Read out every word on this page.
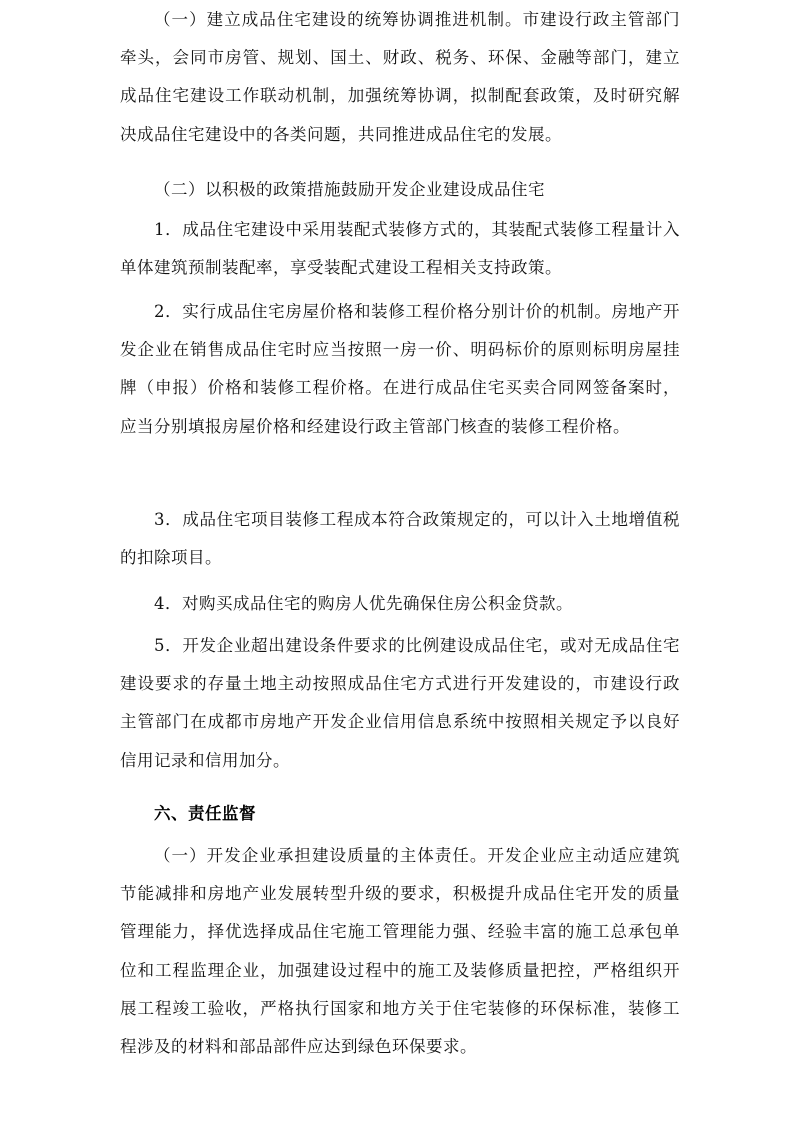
（一）建立成品住宅建设的统筹协调推进机制。市建设行政主管部门牵头，会同市房管、规划、国土、财政、税务、环保、金融等部门，建立成品住宅建设工作联动机制，加强统筹协调，拟制配套政策，及时研究解决成品住宅建设中的各类问题，共同推进成品住宅的发展。

（二）以积极的政策措施鼓励开发企业建设成品住宅

1．成品住宅建设中采用装配式装修方式的，其装配式装修工程量计入单体建筑预制装配率，享受装配式建设工程相关支持政策。

2．实行成品住宅房屋价格和装修工程价格分别计价的机制。房地产开发企业在销售成品住宅时应当按照一房一价、明码标价的原则标明房屋挂牌（申报）价格和装修工程价格。在进行成品住宅买卖合同网签备案时，应当分别填报房屋价格和经建设行政主管部门核查的装修工程价格。

3．成品住宅项目装修工程成本符合政策规定的，可以计入土地增值税的扣除项目。

4．对购买成品住宅的购房人优先确保住房公积金贷款。

5．开发企业超出建设条件要求的比例建设成品住宅，或对无成品住宅建设要求的存量土地主动按照成品住宅方式进行开发建设的，市建设行政主管部门在成都市房地产开发企业信用信息系统中按照相关规定予以良好信用记录和信用加分。

六、责任监督

（一）开发企业承担建设质量的主体责任。开发企业应主动适应建筑节能减排和房地产业发展转型升级的要求，积极提升成品住宅开发的质量管理能力，择优选择成品住宅施工管理能力强、经验丰富的施工总承包单位和工程监理企业，加强建设过程中的施工及装修质量把控，严格组织开展工程竣工验收，严格执行国家和地方关于住宅装修的环保标准，装修工程涉及的材料和部品部件应达到绿色环保要求。
